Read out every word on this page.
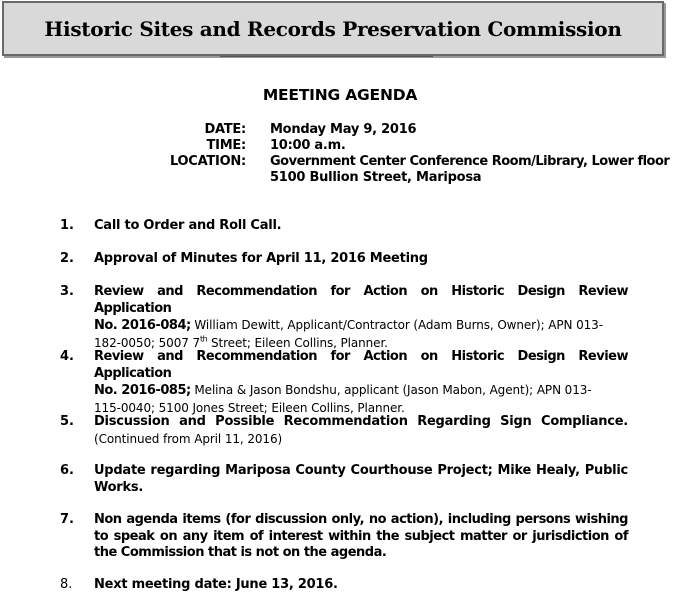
Historic Sites and Records Preservation Commission
MEETING AGENDA
DATE: Monday May 9, 2016
TIME: 10:00 a.m.
LOCATION: Government Center Conference Room/Library, Lower floor
5100 Bullion Street, Mariposa
1. Call to Order and Roll Call.
2. Approval of Minutes for April 11, 2016 Meeting
3. Review and Recommendation for Action on Historic Design Review Application
No. 2016-084; William Dewitt, Applicant/Contractor (Adam Burns, Owner); APN 013-
182-0050; 5007 7th Street; Eileen Collins, Planner.
4. Review and Recommendation for Action on Historic Design Review Application
No. 2016-085; Melina & Jason Bondshu, applicant (Jason Mabon, Agent); APN 013-
115-0040; 5100 Jones Street; Eileen Collins, Planner.
5. Discussion and Possible Recommendation Regarding Sign Compliance.
(Continued from April 11, 2016)
6. Update regarding Mariposa County Courthouse Project; Mike Healy, Public
Works.
7. Non agenda items (for discussion only, no action), including persons wishing
to speak on any item of interest within the subject matter or jurisdiction of
the Commission that is not on the agenda.
8. Next meeting date: June 13, 2016.
